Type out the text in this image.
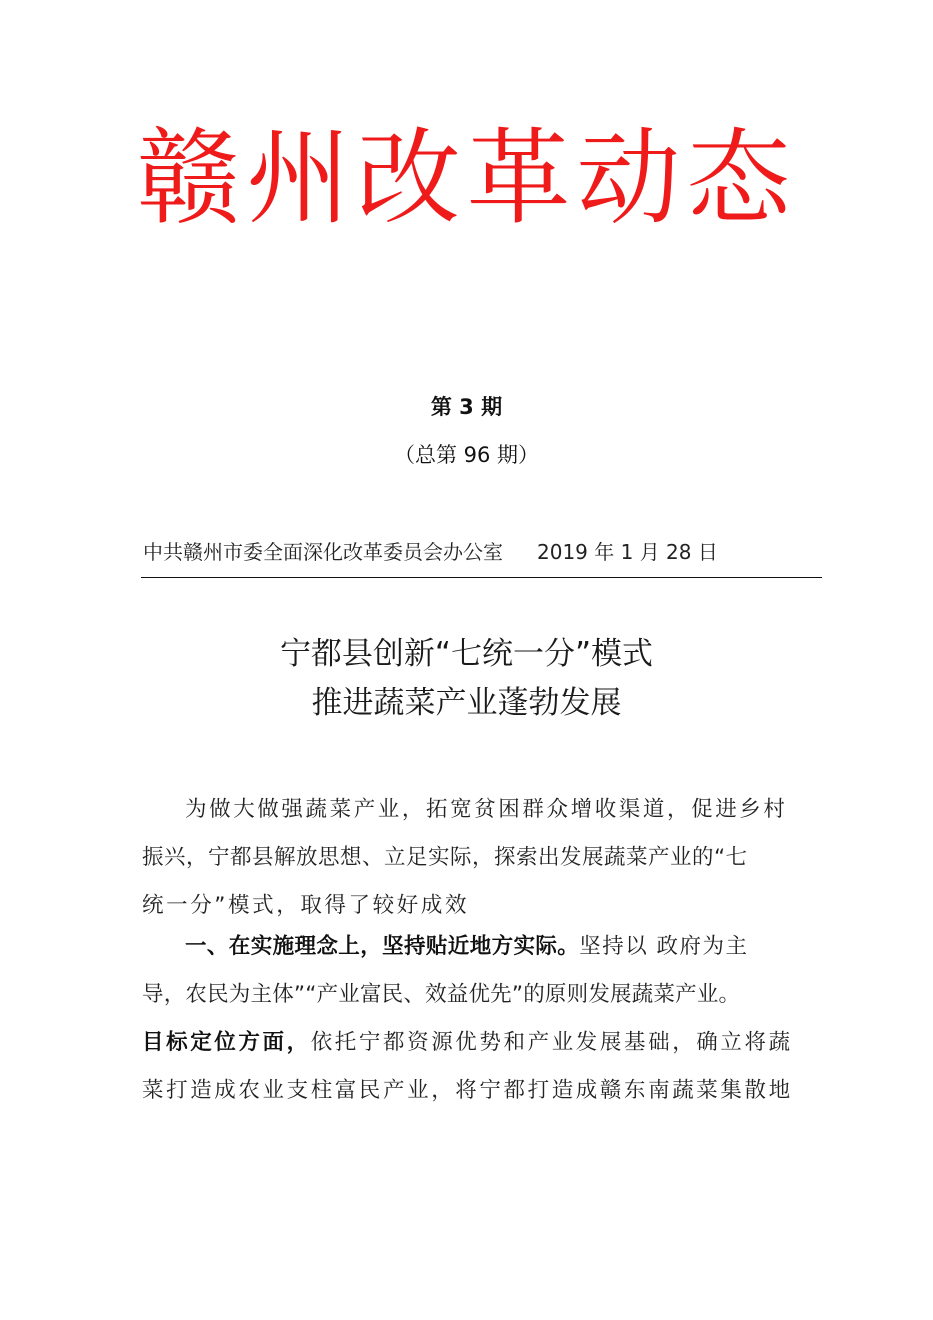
赣州改革动态
第 3 期
（总第 96 期）
中共赣州市委全面深化改革委员会办公室 2019 年 1 月 28 日
宁都县创新“七统一分”模式
推进蔬菜产业蓬勃发展
为做大做强蔬菜产业，拓宽贫困群众增收渠道，促进乡村
振兴，宁都县解放思想、立足实际，探索出发展蔬菜产业的“七
统一分”模式，取得了较好成效
一、在实施理念上，坚持贴近地方实际。坚持以 政府为主
导，农民为主体”“产业富民、效益优先”的原则发展蔬菜产业。
目标定位方面，依托宁都资源优势和产业发展基础，确立将蔬
菜打造成农业支柱富民产业，将宁都打造成赣东南蔬菜集散地
